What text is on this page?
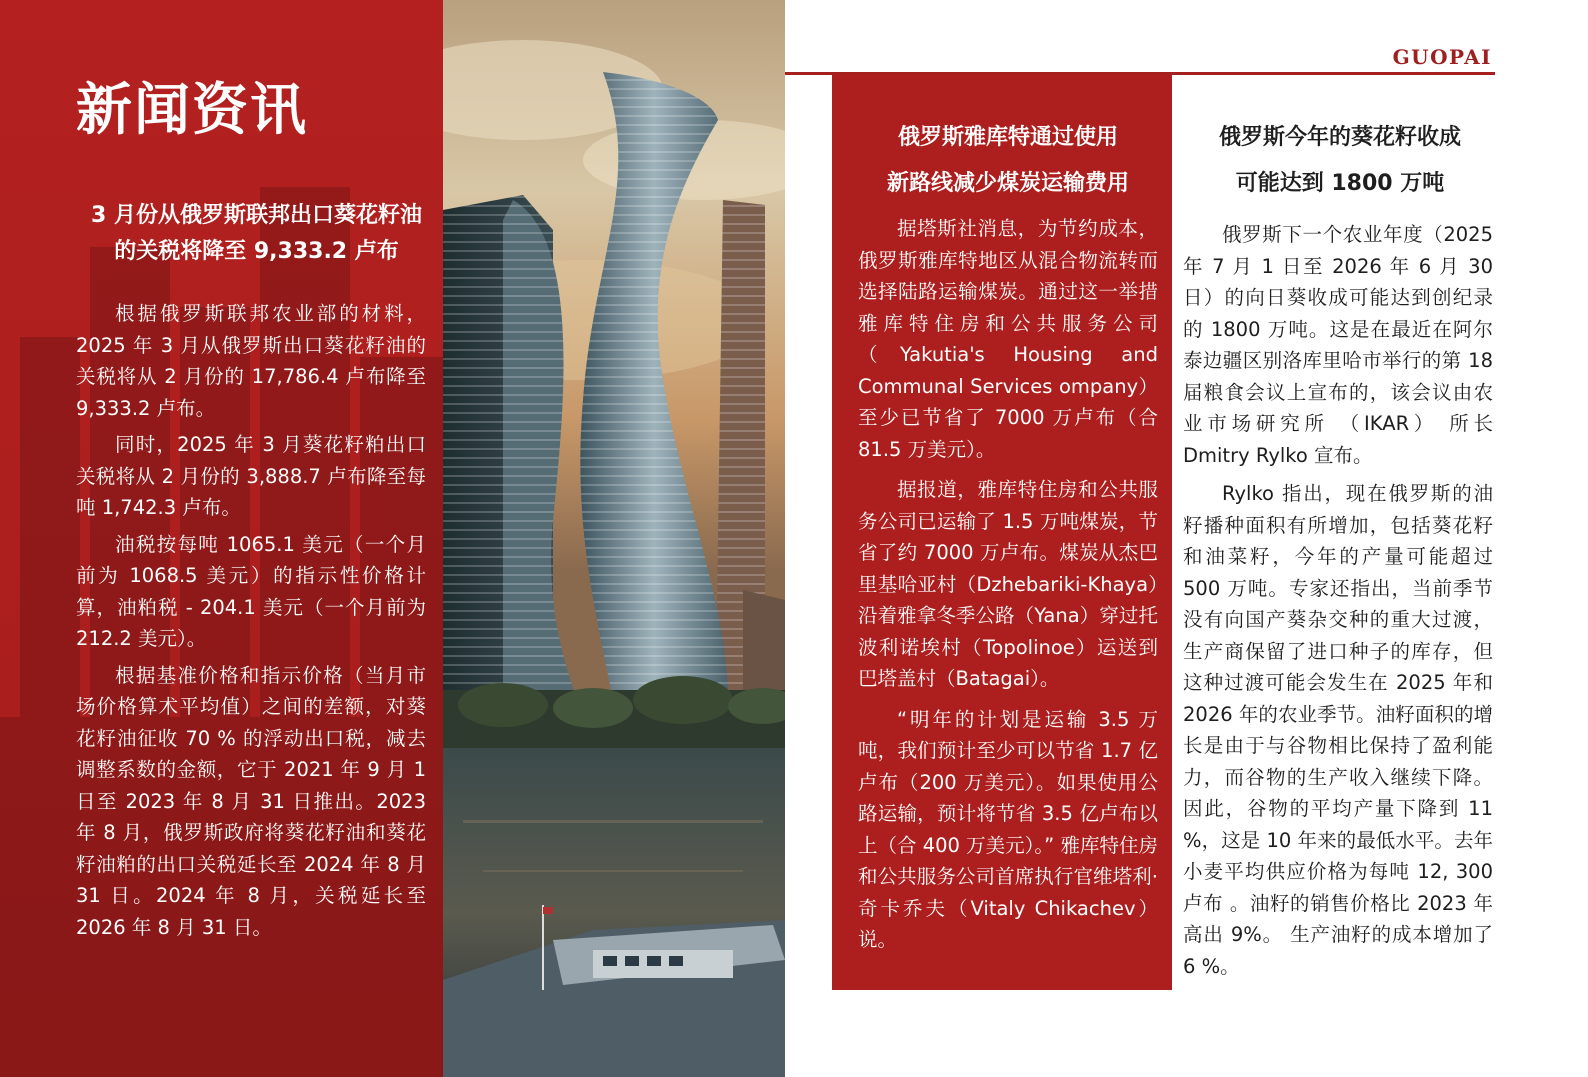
新闻资讯
3 月份从俄罗斯联邦出口葵花籽油的关税将降至 9,333.2 卢布

根据俄罗斯联邦农业部的材料，2025 年 3 月从俄罗斯出口葵花籽油的关税将从 2 月份的 17,786.4 卢布降至 9,333.2 卢布。

同时，2025 年 3 月葵花籽粕出口关税将从 2 月份的 3,888.7 卢布降至每吨 1,742.3 卢布。

油税按每吨 1065.1 美元（一个月前为 1068.5 美元）的指示性价格计算，油粕税 - 204.1 美元（一个月前为 212.2 美元）。

根据基准价格和指示价格（当月市场价格算术平均值）之间的差额，对葵花籽油征收 70 % 的浮动出口税，减去调整系数的金额，它于 2021 年 9 月 1 日至 2023 年 8 月 31 日推出。2023 年 8 月，俄罗斯政府将葵花籽油和葵花籽油粕的出口关税延长至 2024 年 8 月 31 日。2024 年 8 月，关税延长至 2026 年 8 月 31 日。

GUOPAI
俄罗斯雅库特通过使用
新路线减少煤炭运输费用

据塔斯社消息，为节约成本，俄罗斯雅库特地区从混合物流转而选择陆路运输煤炭。通过这一举措雅库特住房和公共服务公司（Yakutia's Housing and Communal Services ompany）至少已节省了 7000 万卢布（合 81.5 万美元）。

据报道，雅库特住房和公共服务公司已运输了 1.5 万吨煤炭，节省了约 7000 万卢布。煤炭从杰巴里基哈亚村（Dzhebariki-Khaya）沿着雅拿冬季公路（Yana）穿过托波利诺埃村（Topolinoe）运送到巴塔盖村（Batagai）。

“明年的计划是运输 3.5 万吨，我们预计至少可以节省 1.7 亿卢布（200 万美元）。如果使用公路运输，预计将节省 3.5 亿卢布以上（合 400 万美元）。” 雅库特住房和公共服务公司首席执行官维塔利·奇卡乔夫（Vitaly Chikachev）说。

俄罗斯今年的葵花籽收成
可能达到 1800 万吨

俄罗斯下一个农业年度（2025 年 7 月 1 日至 2026 年 6 月 30 日）的向日葵收成可能达到创纪录的 1800 万吨。这是在最近在阿尔泰边疆区别洛库里哈市举行的第 18 届粮食会议上宣布的，该会议由农业市场研究所 （IKAR） 所长 Dmitry Rylko 宣布。

Rylko 指出，现在俄罗斯的油籽播种面积有所增加，包括葵花籽和油菜籽，今年的产量可能超过 500 万吨。专家还指出，当前季节没有向国产葵杂交种的重大过渡，生产商保留了进口种子的库存，但这种过渡可能会发生在 2025 年和 2026 年的农业季节。油籽面积的增长是由于与谷物相比保持了盈利能力，而谷物的生产收入继续下降。因此，谷物的平均产量下降到 11 %，这是 10 年来的最低水平。去年小麦平均供应价格为每吨 12, 300 卢布 。油籽的销售价格比 2023 年高出 9%。 生产油籽的成本增加了 6 %。
